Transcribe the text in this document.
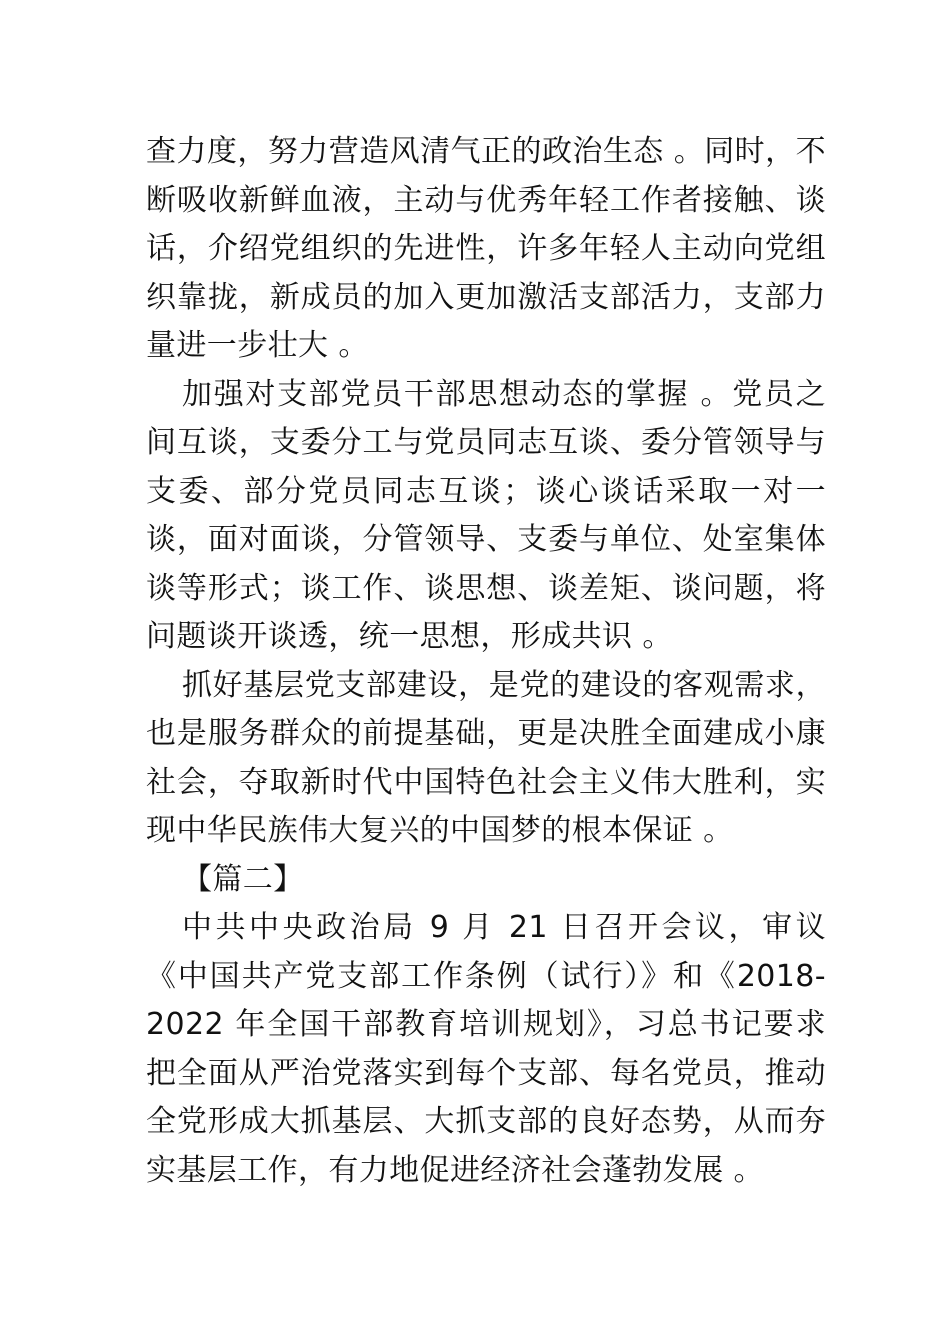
查力度，努力营造风清气正的政治生态 。同时，不断吸收新鲜血液，主动与优秀年轻工作者接触、谈话，介绍党组织的先进性，许多年轻人主动向党组织靠拢，新成员的加入更加激活支部活力，支部力量进一步壮大 。

加强对支部党员干部思想动态的掌握 。党员之间互谈，支委分工与党员同志互谈、委分管领导与支委、部分党员同志互谈；谈心谈话采取一对一谈，面对面谈，分管领导、支委与单位、处室集体谈等形式；谈工作、谈思想、谈差矩、谈问题，将问题谈开谈透，统一思想，形成共识 。

抓好基层党支部建设，是党的建设的客观需求，也是服务群众的前提基础，更是决胜全面建成小康社会，夺取新时代中国特色社会主义伟大胜利，实现中华民族伟大复兴的中国梦的根本保证 。

【篇二】

中共中央政治局 9 月 21 日召开会议，审议《中国共产党支部工作条例（试行）》和《2018-2022 年全国干部教育培训规划》，习总书记要求把全面从严治党落实到每个支部、每名党员，推动全党形成大抓基层、大抓支部的良好态势，从而夯实基层工作，有力地促进经济社会蓬勃发展 。
